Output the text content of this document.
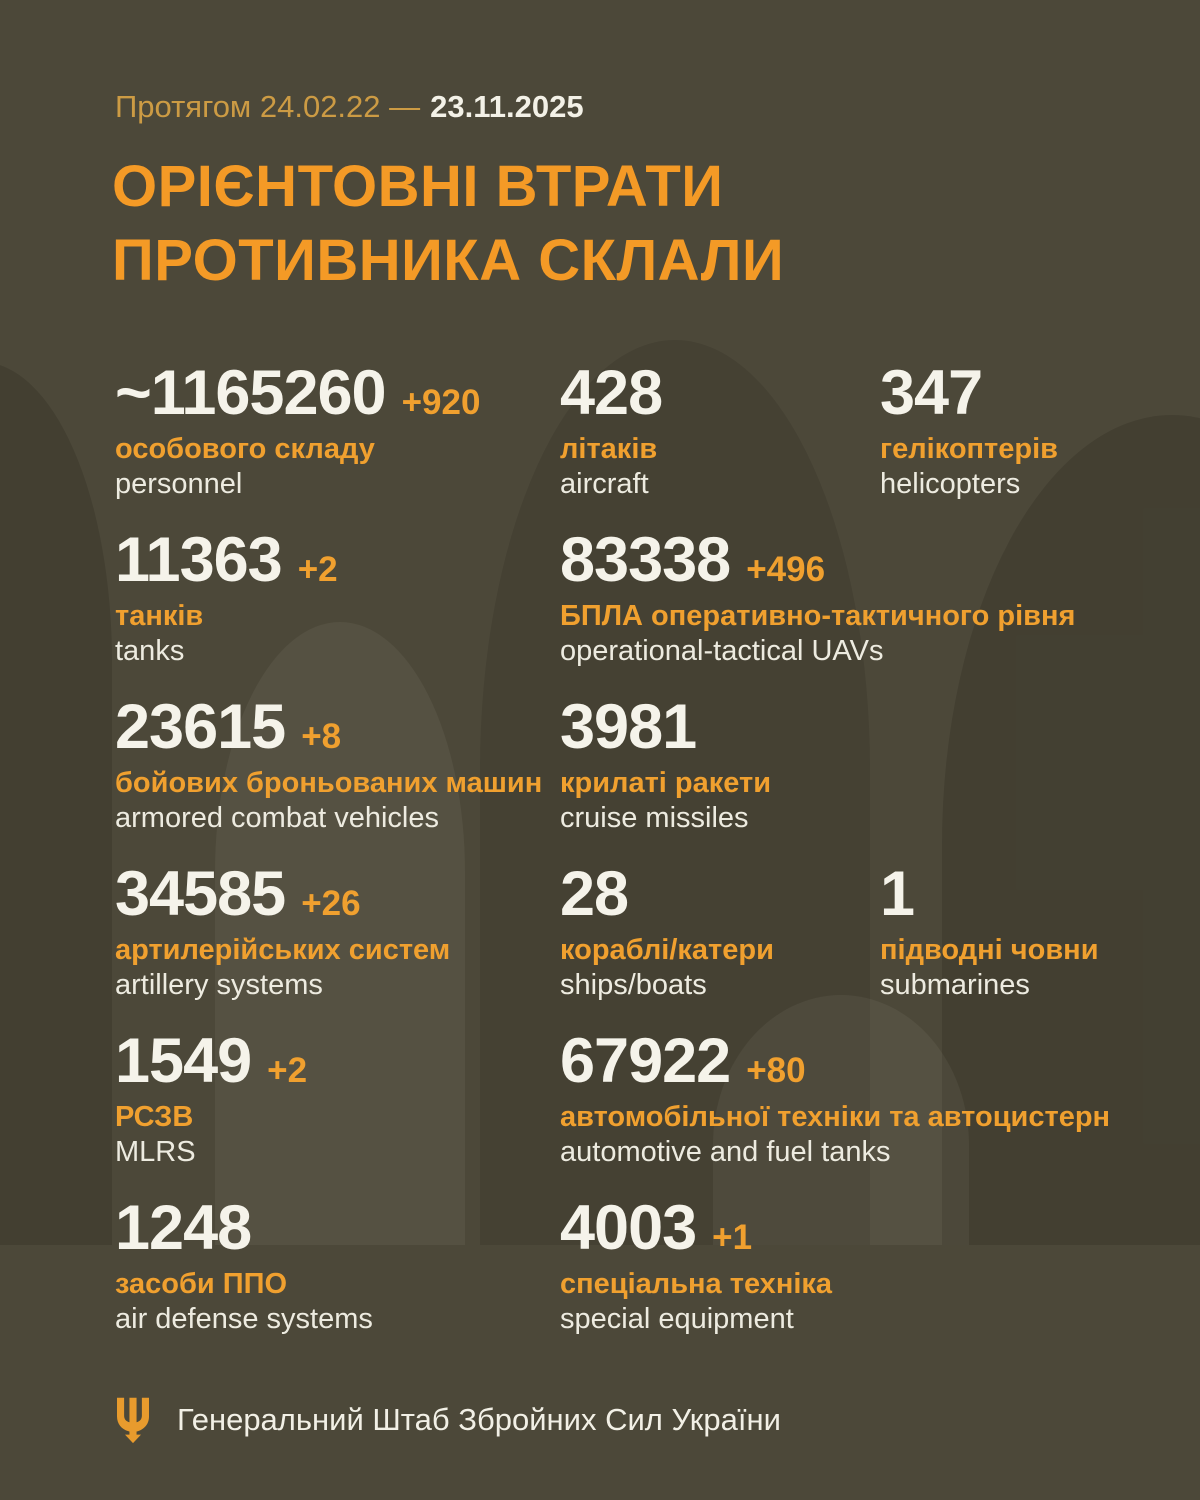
Протягом 24.02.22 — 23.11.2025
ОРІЄНТОВНІ ВТРАТИ
ПРОТИВНИКА СКЛАЛИ
~1165260 +920
особового складу
personnel
428
літаків
aircraft
347
гелікоптерів
helicopters
11363 +2
танків
tanks
83338 +496
БПЛА оперативно-тактичного рівня
operational-tactical UAVs
23615 +8
бойових броньованих машин
armored combat vehicles
3981
крилаті ракети
cruise missiles
34585 +26
артилерійських систем
artillery systems
28
кораблі/катери
ships/boats
1
підводні човни
submarines
1549 +2
РСЗВ
MLRS
67922 +80
автомобільної техніки та автоцистерн
automotive and fuel tanks
1248
засоби ППО
air defense systems
4003 +1
спеціальна техніка
special equipment
Генеральний Штаб Збройних Сил України
